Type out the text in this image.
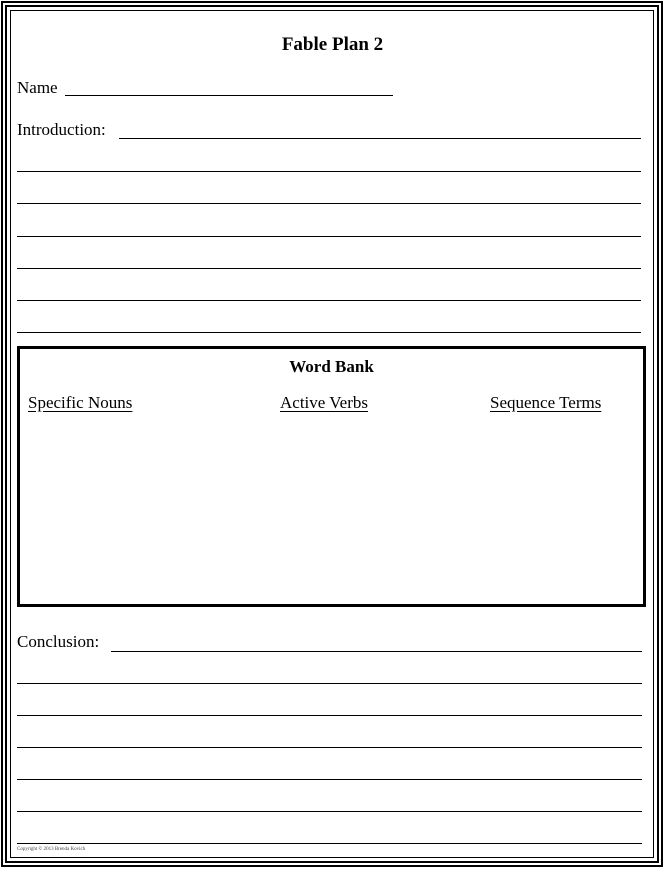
Fable Plan 2
Name
Introduction:
Word Bank
Specific Nouns	Active Verbs	Sequence Terms
Conclusion:
Copyright © 2013 Brenda Kovich
